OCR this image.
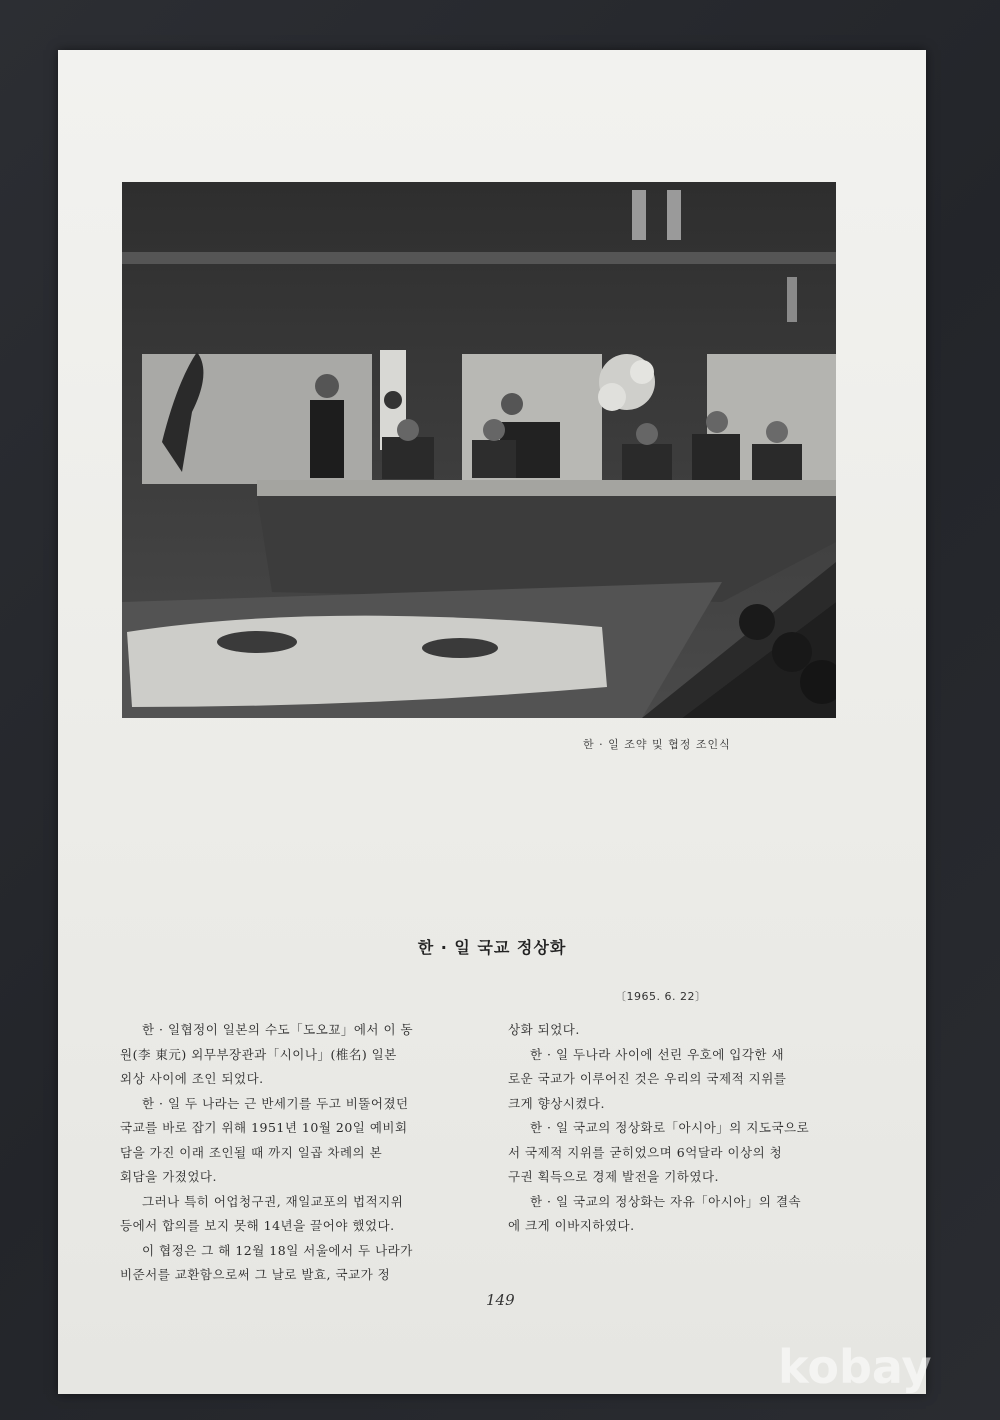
한 · 일 조약 및 협정 조인식
한 · 일 국교 정상화
〔1965. 6. 22〕
한 · 일협정이 일본의 수도「도오꾜」에서 이 동
원(李 東元) 외무부장관과「시이나」(椎名) 일본
외상 사이에 조인 되었다.
한 · 일 두 나라는 근 반세기를 두고 비뚤어졌던
국교를 바로 잡기 위해 1951년 10월 20일 예비회
담을 가진 이래 조인될 때 까지 일곱 차례의 본
회담을 가졌었다.
그러나 특히 어업청구권, 재일교포의 법적지위
등에서 합의를 보지 못해 14년을 끌어야 했었다.
이 협정은 그 해 12월 18일 서울에서 두 나라가
비준서를 교환함으로써 그 날로 발효, 국교가 정
상화 되었다.
한 · 일 두나라 사이에 선린 우호에 입각한 새
로운 국교가 이루어진 것은 우리의 국제적 지위를
크게 향상시켰다.
한 · 일 국교의 정상화로「아시아」의 지도국으로
서 국제적 지위를 굳히었으며 6억달라 이상의 청
구권 획득으로 경제 발전을 기하였다.
한 · 일 국교의 정상화는 자유「아시아」의 결속
에 크게 이바지하였다.
149
kobay
